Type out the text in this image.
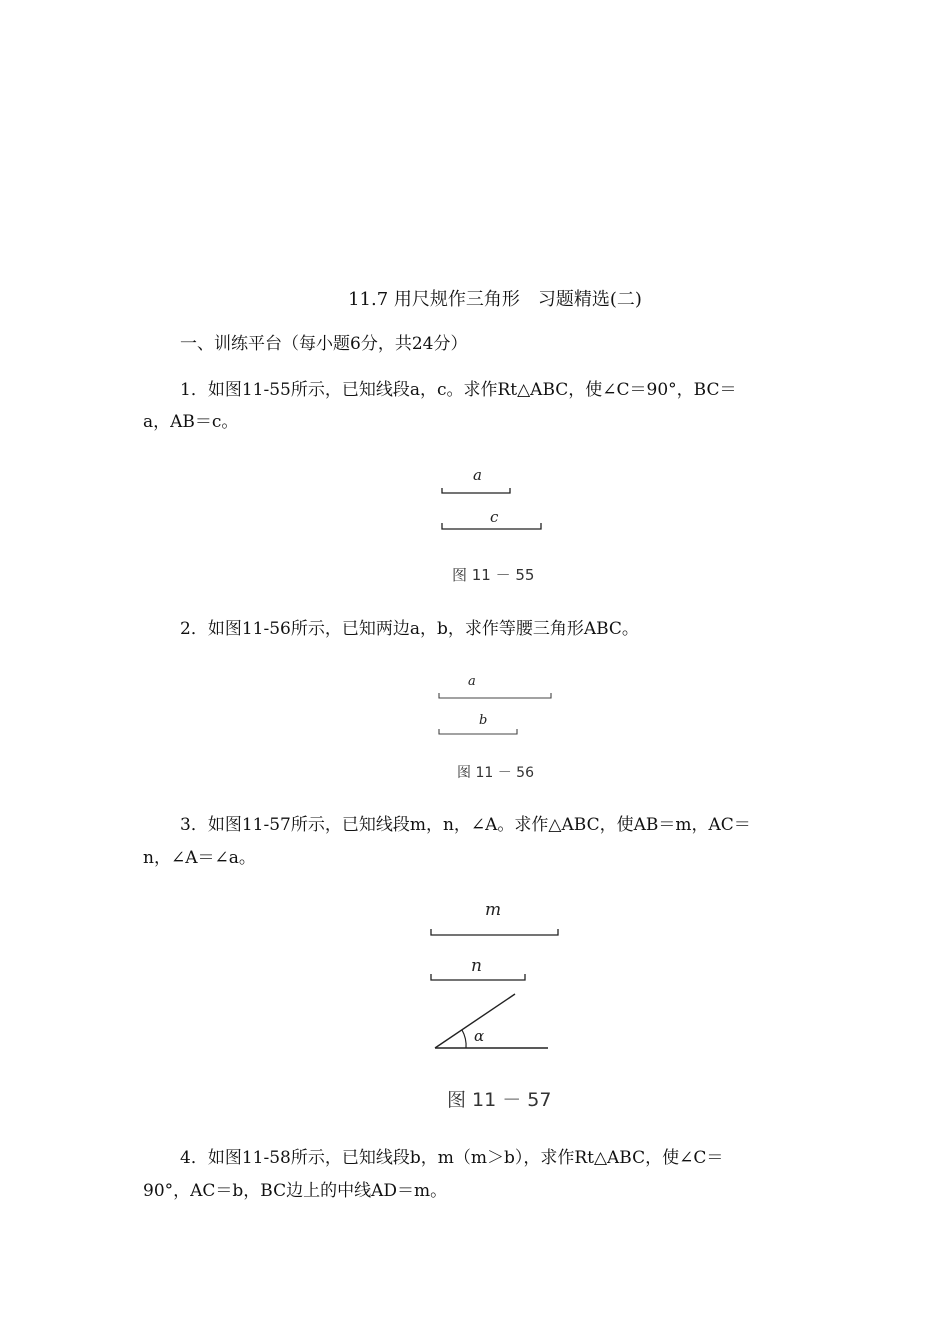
11.7 用尺规作三角形　习题精选(二)
一、训练平台（每小题6分，共24分）
1．如图11-55所示，已知线段a，c。求作Rt△ABC，使∠C＝90°，BC＝
a，AB＝c。
a
c
图 11 － 55
2．如图11-56所示，已知两边a，b，求作等腰三角形ABC。
a
b
图 11 － 56
3．如图11-57所示，已知线段m，n，∠A。求作△ABC，使AB＝m，AC＝
n，∠A＝∠a。
m
n
α
图 11 － 57
4．如图11-58所示，已知线段b，m（m＞b），求作Rt△ABC，使∠C＝
90°，AC＝b，BC边上的中线AD＝m。
